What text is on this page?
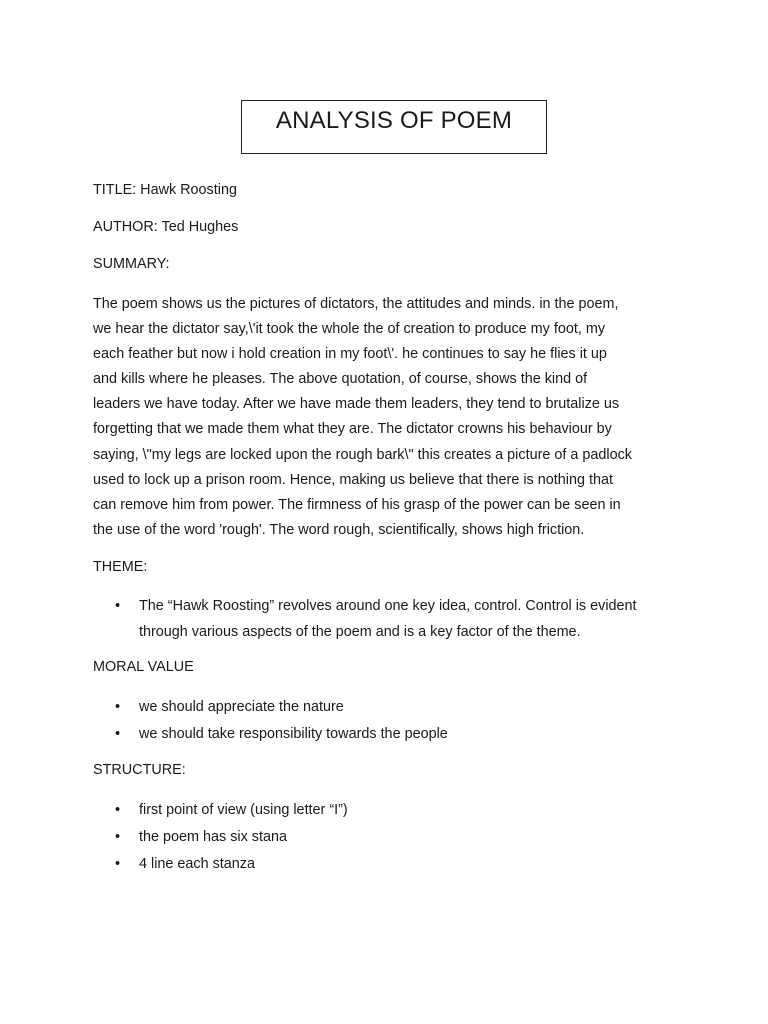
ANALYSIS OF POEM
TITLE: Hawk Roosting
AUTHOR: Ted Hughes
SUMMARY:
The poem shows us the pictures of dictators, the attitudes and minds. in the poem,
we hear the dictator say,\'it took the whole the of creation to produce my foot, my
each feather but now i hold creation in my foot\'. he continues to say he flies it up
and kills where he pleases. The above quotation, of course, shows the kind of
leaders we have today. After we have made them leaders, they tend to brutalize us
forgetting that we made them what they are. The dictator crowns his behaviour by
saying, \"my legs are locked upon the rough bark\" this creates a picture of a padlock
used to lock up a prison room. Hence, making us believe that there is nothing that
can remove him from power. The firmness of his grasp of the power can be seen in
the use of the word 'rough'. The word rough, scientifically, shows high friction.
THEME:
• The “Hawk Roosting” revolves around one key idea, control. Control is evident
through various aspects of the poem and is a key factor of the theme.
MORAL VALUE
• we should appreciate the nature
• we should take responsibility towards the people
STRUCTURE:
• first point of view (using letter “I”)
• the poem has six stana
• 4 line each stanza
